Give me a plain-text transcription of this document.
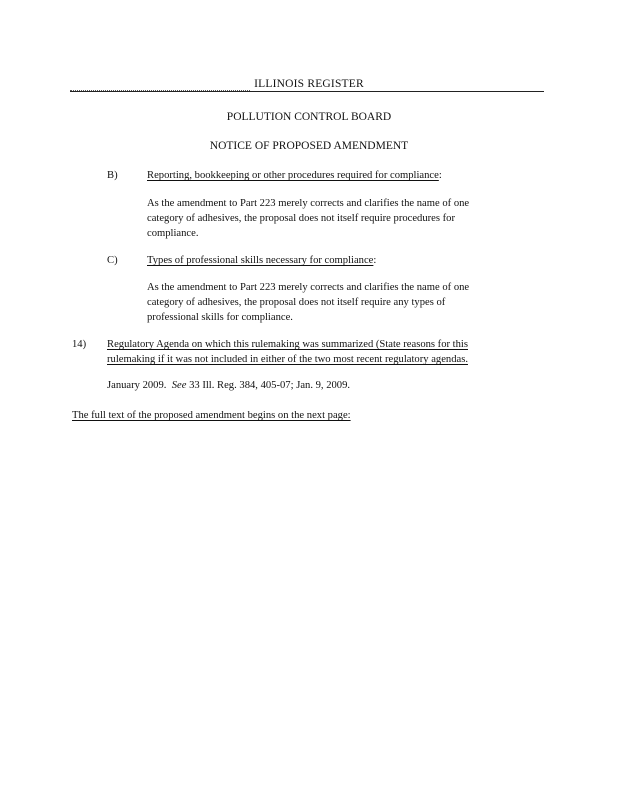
ILLINOIS REGISTER
POLLUTION CONTROL BOARD
NOTICE OF PROPOSED AMENDMENT
B)	Reporting, bookkeeping or other procedures required for compliance:
As the amendment to Part 223 merely corrects and clarifies the name of one
category of adhesives, the proposal does not itself require procedures for
compliance.
C)	Types of professional skills necessary for compliance:
As the amendment to Part 223 merely corrects and clarifies the name of one
category of adhesives, the proposal does not itself require any types of
professional skills for compliance.
14) Regulatory Agenda on which this rulemaking was summarized (State reasons for this
rulemaking if it was not included in either of the two most recent regulatory agendas.
January 2009.  See 33 Ill. Reg. 384, 405-07; Jan. 9, 2009.
The full text of the proposed amendment begins on the next page:
